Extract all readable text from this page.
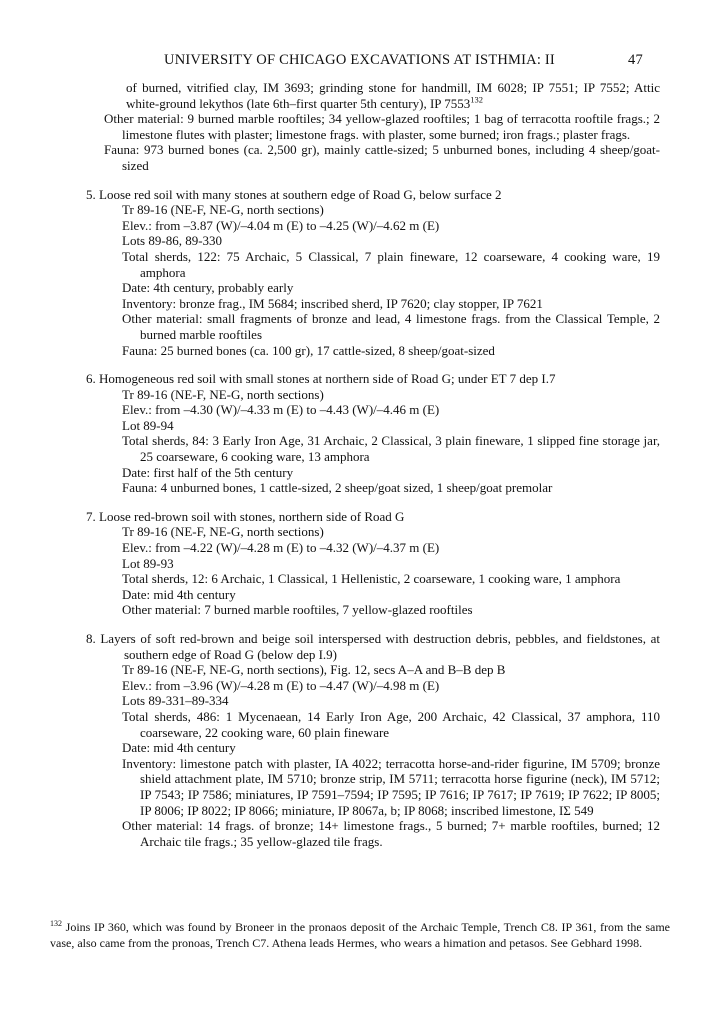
UNIVERSITY OF CHICAGO EXCAVATIONS AT ISTHMIA: II	47
of burned, vitrified clay, IM 3693; grinding stone for handmill, IM 6028; IP 7551; IP 7552; Attic white-ground lekythos (late 6th–first quarter 5th century), IP 7553$^{132}$
Other material: 9 burned marble rooftiles; 34 yellow-glazed rooftiles; 1 bag of terracotta rooftile frags.; 2 limestone flutes with plaster; limestone frags. with plaster, some burned; iron frags.; plaster frags.
Fauna: 973 burned bones (ca. 2,500 gr), mainly cattle-sized; 5 unburned bones, including 4 sheep/goat-sized
5. Loose red soil with many stones at southern edge of Road G, below surface 2
Tr 89-16 (NE-F, NE-G, north sections)
Elev.: from –3.87 (W)/–4.04 m (E) to –4.25 (W)/–4.62 m (E)
Lots 89-86, 89-330
Total sherds, 122: 75 Archaic, 5 Classical, 7 plain fineware, 12 coarseware, 4 cooking ware, 19 amphora
Date: 4th century, probably early
Inventory: bronze frag., IM 5684; inscribed sherd, IP 7620; clay stopper, IP 7621
Other material: small fragments of bronze and lead, 4 limestone frags. from the Classical Temple, 2 burned marble rooftiles
Fauna: 25 burned bones (ca. 100 gr), 17 cattle-sized, 8 sheep/goat-sized
6. Homogeneous red soil with small stones at northern side of Road G; under ET 7 dep I.7
Tr 89-16 (NE-F, NE-G, north sections)
Elev.: from –4.30 (W)/–4.33 m (E) to –4.43 (W)/–4.46 m (E)
Lot 89-94
Total sherds, 84: 3 Early Iron Age, 31 Archaic, 2 Classical, 3 plain fineware, 1 slipped fine storage jar, 25 coarseware, 6 cooking ware, 13 amphora
Date: first half of the 5th century
Fauna: 4 unburned bones, 1 cattle-sized, 2 sheep/goat sized, 1 sheep/goat premolar
7. Loose red-brown soil with stones, northern side of Road G
Tr 89-16 (NE-F, NE-G, north sections)
Elev.: from –4.22 (W)/–4.28 m (E) to –4.32 (W)/–4.37 m (E)
Lot 89-93
Total sherds, 12: 6 Archaic, 1 Classical, 1 Hellenistic, 2 coarseware, 1 cooking ware, 1 amphora
Date: mid 4th century
Other material: 7 burned marble rooftiles, 7 yellow-glazed rooftiles
8. Layers of soft red-brown and beige soil interspersed with destruction debris, pebbles, and fieldstones, at southern edge of Road G (below dep I.9)
Tr 89-16 (NE-F, NE-G, north sections), Fig. 12, secs A–A and B–B dep B
Elev.: from –3.96 (W)/–4.28 m (E) to –4.47 (W)/–4.98 m (E)
Lots 89-331–89-334
Total sherds, 486: 1 Mycenaean, 14 Early Iron Age, 200 Archaic, 42 Classical, 37 amphora, 110 coarseware, 22 cooking ware, 60 plain fineware
Date: mid 4th century
Inventory: limestone patch with plaster, IA 4022; terracotta horse-and-rider figurine, IM 5709; bronze shield attachment plate, IM 5710; bronze strip, IM 5711; terracotta horse figurine (neck), IM 5712; IP 7543; IP 7586; miniatures, IP 7591–7594; IP 7595; IP 7616; IP 7617; IP 7619; IP 7622; IP 8005; IP 8006; IP 8022; IP 8066; miniature, IP 8067a, b; IP 8068; inscribed limestone, IΣ 549
Other material: 14 frags. of bronze; 14+ limestone frags., 5 burned; 7+ marble rooftiles, burned; 12 Archaic tile frags.; 35 yellow-glazed tile frags.
$^{132}$ Joins IP 360, which was found by Broneer in the pronaos deposit of the Archaic Temple, Trench C8. IP 361, from the same vase, also came from the pronoas, Trench C7. Athena leads Hermes, who wears a himation and petasos. See Gebhard 1998.
